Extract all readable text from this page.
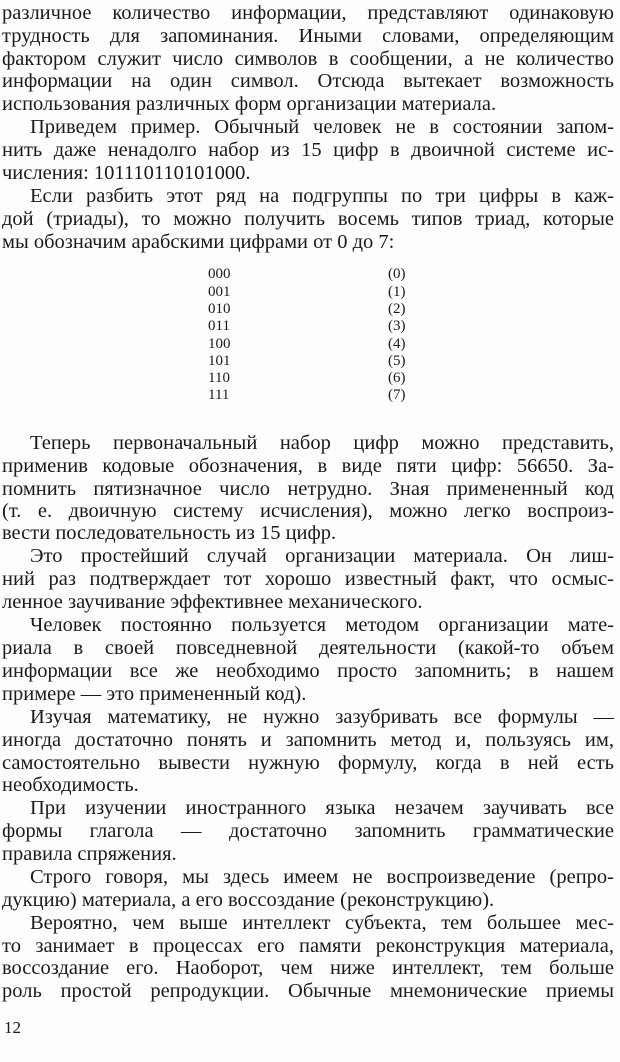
различное количество информации, представляют одинаковую
трудность для запоминания. Иными словами, определяющим
фактором служит число символов в сообщении, а не количество
информации на один символ. Отсюда вытекает возможность
использования различных форм организации материала.
Приведем пример. Обычный человек не в состоянии запом-
нить даже ненадолго набор из 15 цифр в двоичной системе ис-
числения: 101110110101000.
Если разбить этот ряд на подгруппы по три цифры в каж-
дой (триады), то можно получить восемь типов триад, которые
мы обозначим арабскими цифрами от 0 до 7:
000	(0)
001	(1)
010	(2)
011	(3)
100	(4)
101	(5)
110	(6)
111	(7)
Теперь первоначальный набор цифр можно представить,
применив кодовые обозначения, в виде пяти цифр: 56650. За-
помнить пятизначное число нетрудно. Зная примененный код
(т. е. двоичную систему исчисления), можно легко воспроиз-
вести последовательность из 15 цифр.
Это простейший случай организации материала. Он лиш-
ний раз подтверждает тот хорошо известный факт, что осмыс-
ленное заучивание эффективнее механического.
Человек постоянно пользуется методом организации мате-
риала в своей повседневной деятельности (какой-то объем
информации все же необходимо просто запомнить; в нашем
примере — это примененный код).
Изучая математику, не нужно зазубривать все формулы —
иногда достаточно понять и запомнить метод и, пользуясь им,
самостоятельно вывести нужную формулу, когда в ней есть
необходимость.
При изучении иностранного языка незачем заучивать все
формы глагола — достаточно запомнить грамматические
правила спряжения.
Строго говоря, мы здесь имеем не воспроизведение (репро-
дукцию) материала, а его воссоздание (реконструкцию).
Вероятно, чем выше интеллект субъекта, тем большее мес-
то занимает в процессах его памяти реконструкция материала,
воссоздание его. Наоборот, чем ниже интеллект, тем больше
роль простой репродукции. Обычные мнемонические приемы
12
